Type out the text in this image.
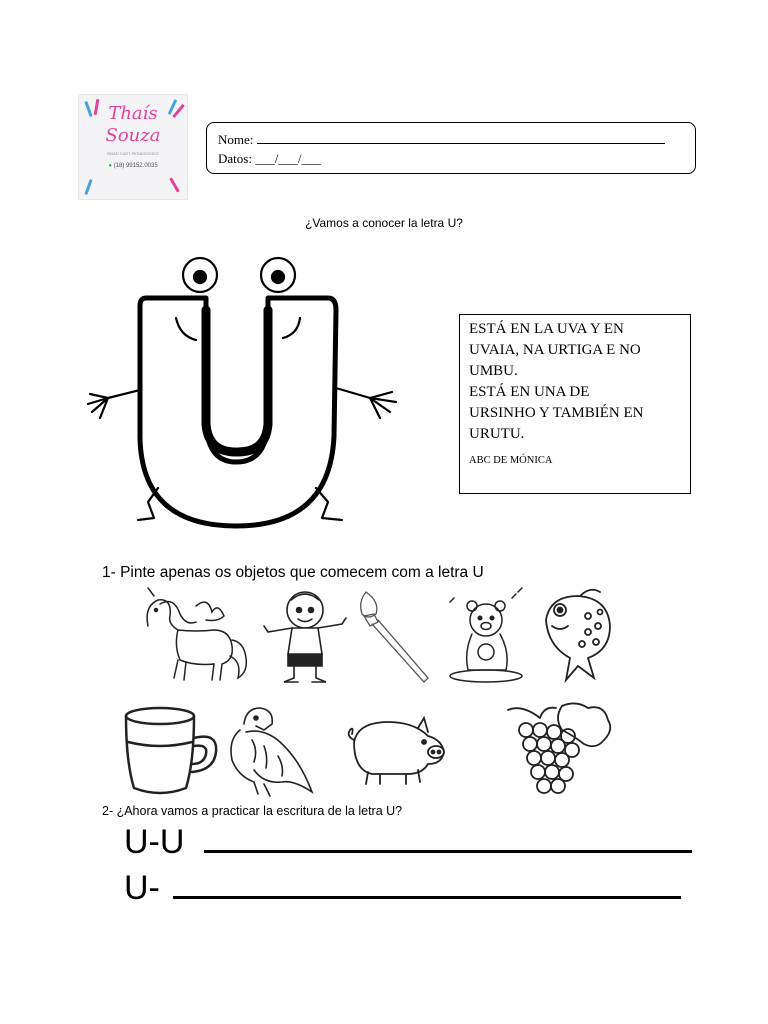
Thaís
Souza
ROAD CAST PEDAGÓGICO
● (18) 99152.0035
Nome:
Datos: ___/___/___
¿Vamos a conocer la letra U?
ESTÁ EN LA UVA Y EN
UVAIA, NA URTIGA E NO
UMBU.
ESTÁ EN UNA DE
URSINHO Y TAMBIÉN EN
URUTU.
ABC DE MÓNICA
1- Pinte apenas os objetos que comecem com a letra U
2- ¿Ahora vamos a practicar la escritura de la letra U?
U-U
U-
